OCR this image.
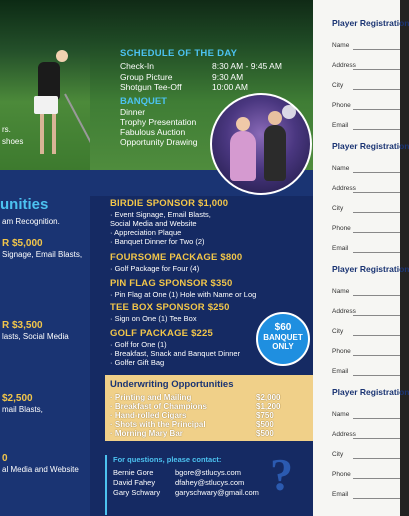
rs.
shoes
unities
am Recognition.
R $5,000
Signage, Email Blasts,
R $3,500
lasts, Social Media
$2,500
mail Blasts,
0
al Media and Website
SCHEDULE OF THE DAY
Check-In	8:30 AM - 9:45 AM
Group Picture	9:30 AM
Shotgun Tee-Off	10:00 AM
BANQUET
Dinner
Trophy Presentation
Fabulous Auction
Opportunity Drawing
BIRDIE SPONSOR $1,000
· Event Signage, Email Blasts,
Social Media and Website
· Appreciation Plaque
· Banquet Dinner for Two (2)
FOURSOME PACKAGE $800
· Golf Package for Four (4)
PIN FLAG SPONSOR $350
· Pin Flag at One (1) Hole with Name or Log
TEE BOX SPONSOR $250
· Sign on One (1) Tee Box
GOLF PACKAGE $225
· Golf for One (1)
· Breakfast, Snack and Banquet Dinner
· Golfer Gift Bag
$60
BANQUET
ONLY
Underwriting Opportunities
· Printing and Mailing	$2,000
· Breakfast of Champions	$1,200
· Hand-rolled Cigars	$750
· Shots with the Principal	$500
· Morning Mary Bar	$500
For questions, please contact:
Bernie Gore	bgore@stlucys.com
David Fahey	dfahey@stlucys.com
Gary Schwary garyschwary@gmail.com ?
Player Registration
Name
Address
City
Phone
Email
Player Registration
Name
Address
City
Phone
Email
Player Registration
Name
Address
City
Phone
Email
Player Registration
Name
Address
City
Phone
Email
